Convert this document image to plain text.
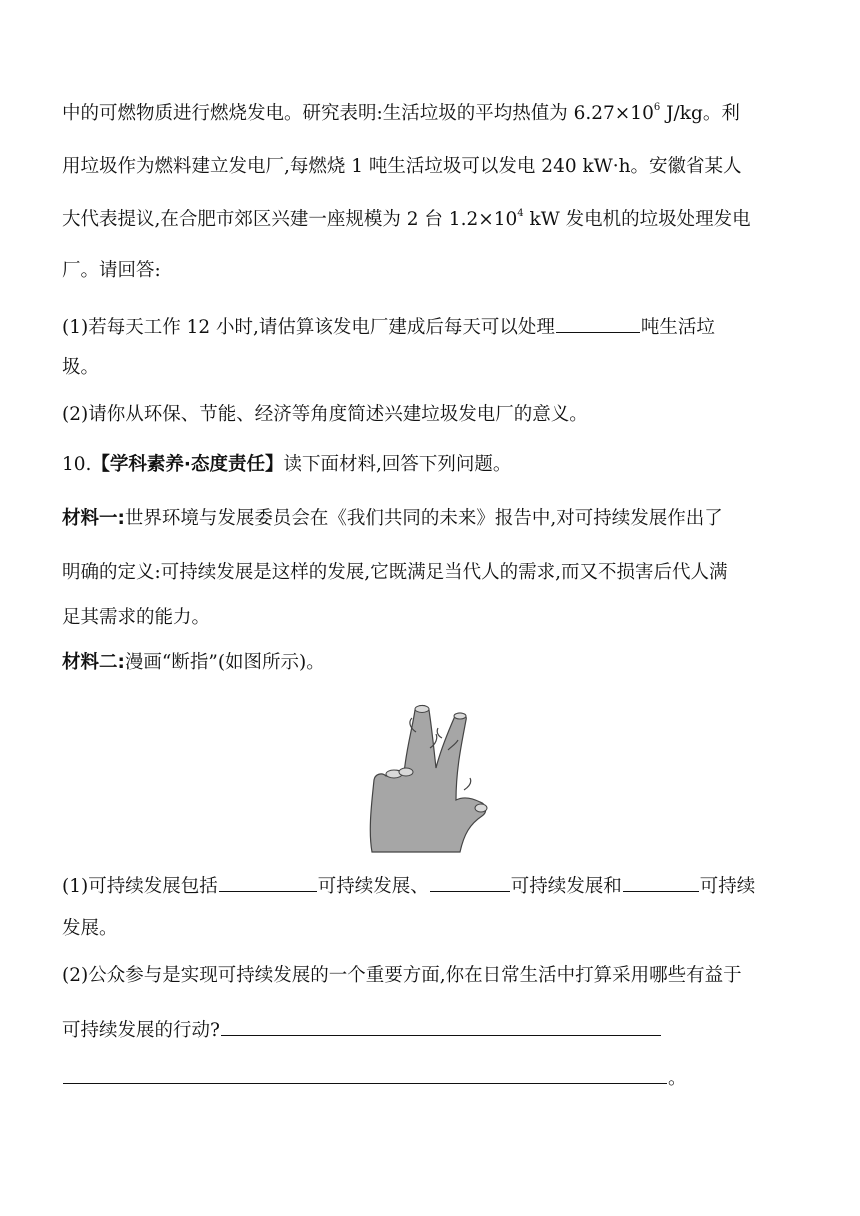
中的可燃物质进行燃烧发电。研究表明:生活垃圾的平均热值为 $6.27\times 10^6$ J/kg。利
用垃圾作为燃料建立发电厂,每燃烧 1 吨生活垃圾可以发电 240 kW·h。安徽省某人
大代表提议,在合肥市郊区兴建一座规模为 2 台 $1.2\times 10^4$ kW 发电机的垃圾处理发电
厂。请回答:
(1)若每天工作 12 小时,请估算该发电厂建成后每天可以处理	吨生活垃
圾。
(2)请你从环保、节能、经济等角度简述兴建垃圾发电厂的意义。
10.【学科素养·态度责任】读下面材料,回答下列问题。
材料一:世界环境与发展委员会在《我们共同的未来》报告中,对可持续发展作出了
明确的定义:可持续发展是这样的发展,它既满足当代人的需求,而又不损害后代人满
足其需求的能力。
材料二:漫画“断指”(如图所示)。
(1)可持续发展包括	可持续发展、	可持续发展和	可持续
发展。
(2)公众参与是实现可持续发展的一个重要方面,你在日常生活中打算采用哪些有益于
可持续发展的行动?
。
